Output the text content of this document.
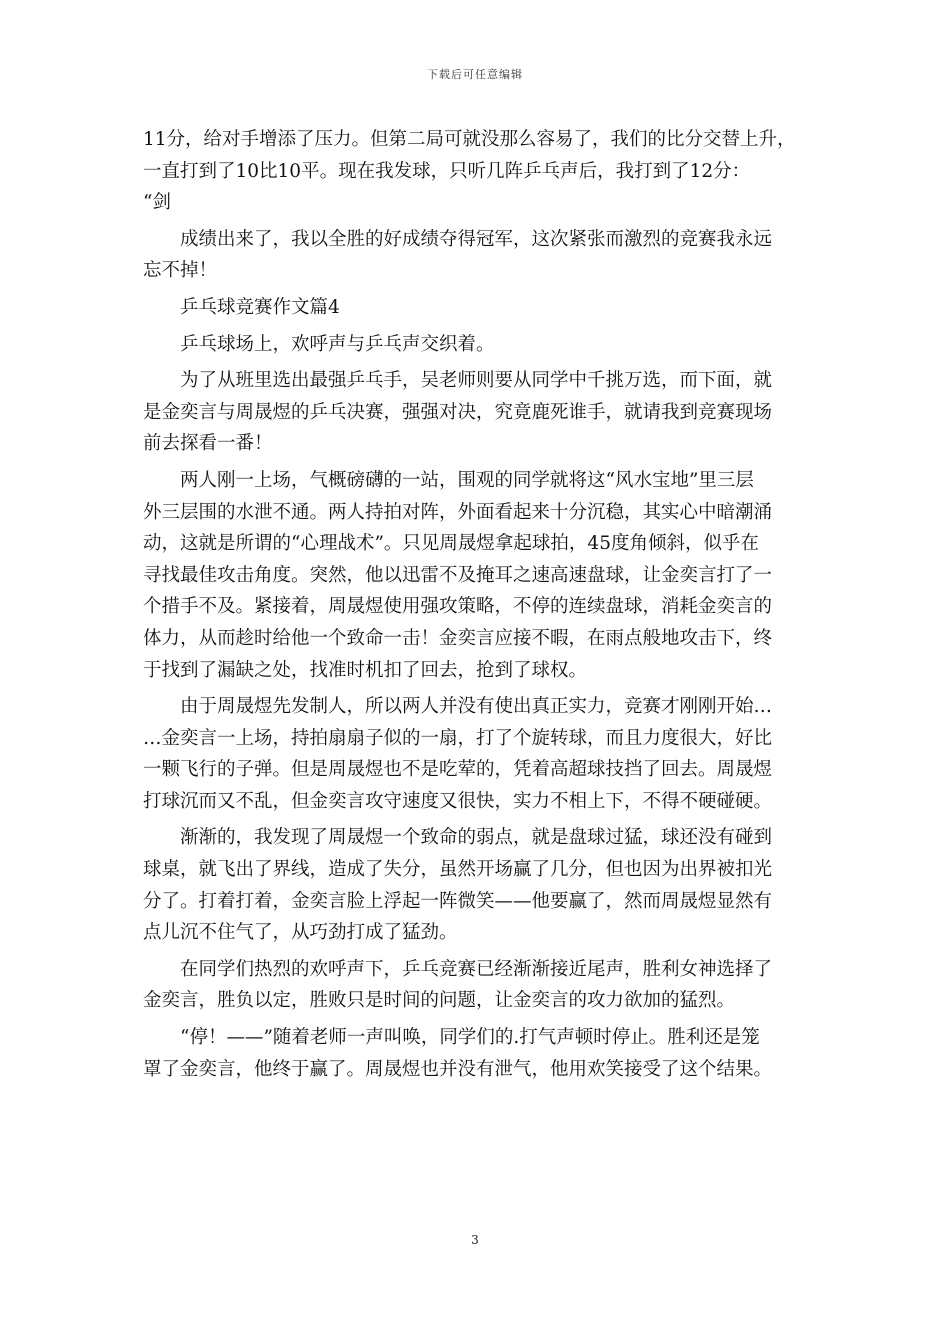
下载后可任意编辑
11分，给对手增添了压力。但第二局可就没那么容易了，我们的比分交替上升，
一直打到了10比10平。现在我发球，只听几阵乒乓声后，我打到了12分：
“剑
成绩出来了，我以全胜的好成绩夺得冠军，这次紧张而激烈的竞赛我永远
忘不掉！
乒乓球竞赛作文篇4
乒乓球场上，欢呼声与乒乓声交织着。
为了从班里选出最强乒乓手，吴老师则要从同学中千挑万选，而下面，就
是金奕言与周晟煜的乒乓决赛，强强对决，究竟鹿死谁手，就请我到竞赛现场
前去探看一番！
两人刚一上场，气概磅礴的一站，围观的同学就将这“风水宝地”里三层
外三层围的水泄不通。两人持拍对阵，外面看起来十分沉稳，其实心中暗潮涌
动，这就是所谓的“心理战术”。只见周晟煜拿起球拍，45度角倾斜，似乎在
寻找最佳攻击角度。突然，他以迅雷不及掩耳之速高速盘球，让金奕言打了一
个措手不及。紧接着，周晟煜使用强攻策略，不停的连续盘球，消耗金奕言的
体力，从而趁时给他一个致命一击！金奕言应接不暇，在雨点般地攻击下，终
于找到了漏缺之处，找准时机扣了回去，抢到了球权。
由于周晟煜先发制人，所以两人并没有使出真正实力，竞赛才刚刚开始…
…金奕言一上场，持拍扇扇子似的一扇，打了个旋转球，而且力度很大，好比
一颗飞行的子弹。但是周晟煜也不是吃荤的，凭着高超球技挡了回去。周晟煜
打球沉而又不乱，但金奕言攻守速度又很快，实力不相上下，不得不硬碰硬。
渐渐的，我发现了周晟煜一个致命的弱点，就是盘球过猛，球还没有碰到
球桌，就飞出了界线，造成了失分，虽然开场赢了几分，但也因为出界被扣光
分了。打着打着，金奕言脸上浮起一阵微笑——他要赢了，然而周晟煜显然有
点儿沉不住气了，从巧劲打成了猛劲。
在同学们热烈的欢呼声下，乒乓竞赛已经渐渐接近尾声，胜利女神选择了
金奕言，胜负以定，胜败只是时间的问题，让金奕言的攻力欲加的猛烈。
“停！——”随着老师一声叫唤，同学们的.打气声顿时停止。胜利还是笼
罩了金奕言，他终于赢了。周晟煜也并没有泄气，他用欢笑接受了这个结果。
3
